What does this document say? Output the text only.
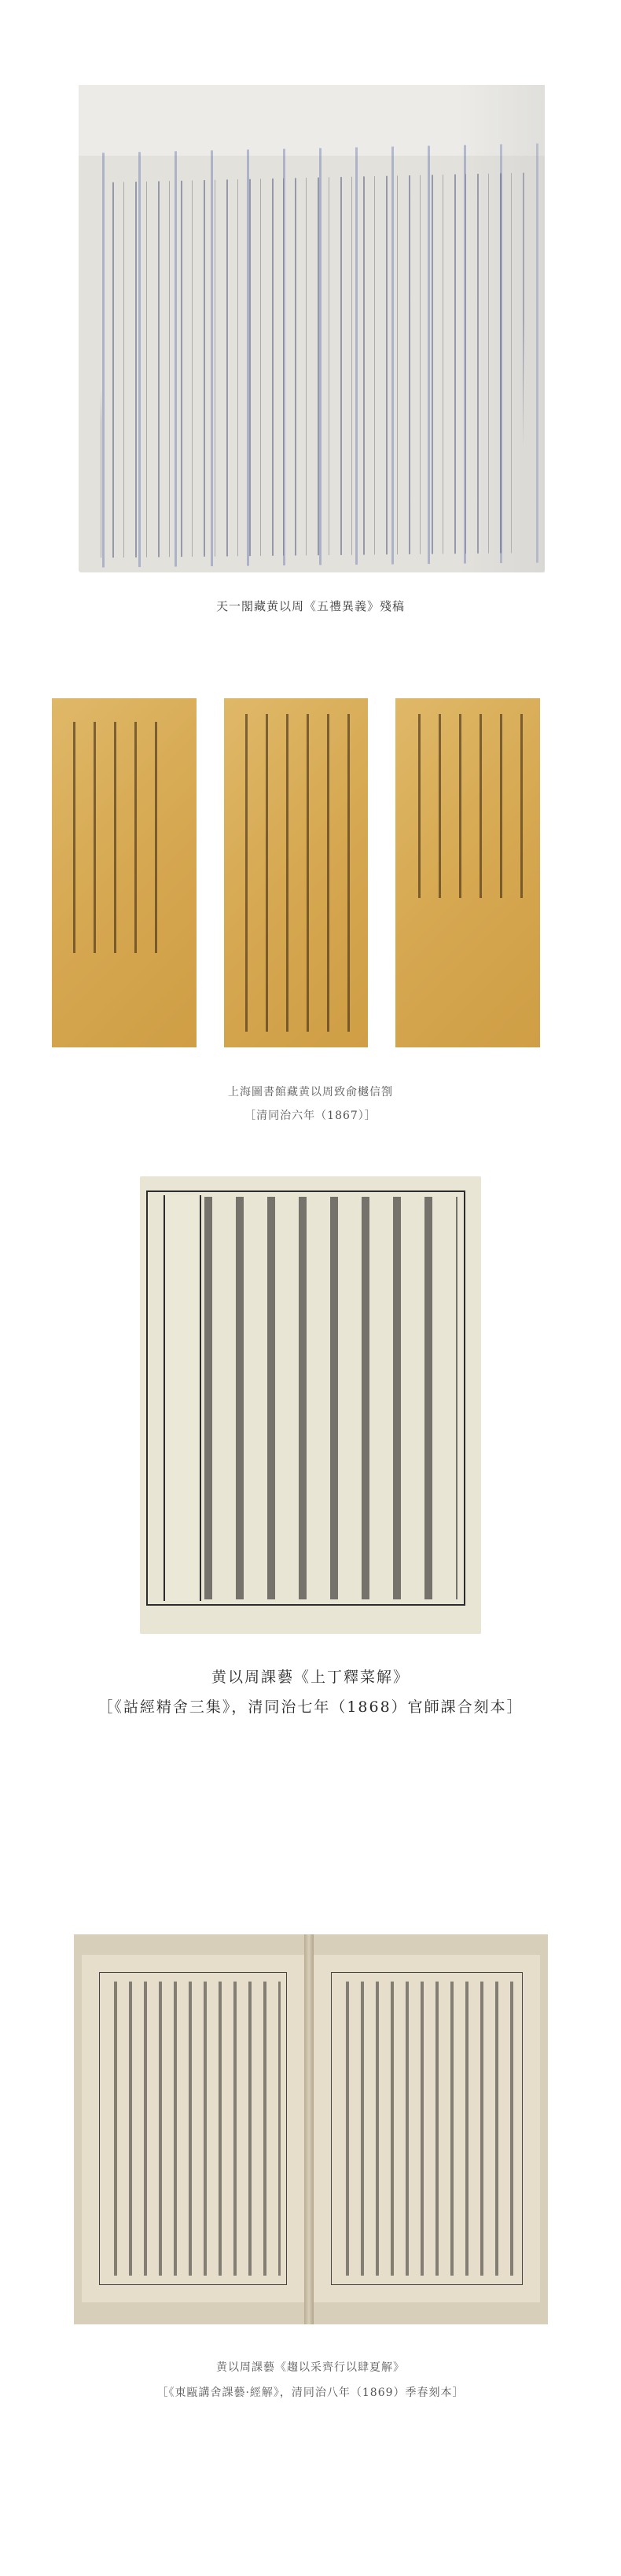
天一閣藏黄以周《五禮異義》殘稿
上海圖書館藏黄以周致俞樾信劄
［清同治六年（1867）］
黄以周課藝《上丁釋菜解》
［《詁經精舍三集》，清同治七年（1868）官師課合刻本］
黄以周課藝《趨以采齊行以肆夏解》
［《東甌講舍課藝·經解》，清同治八年（1869）季春刻本］
